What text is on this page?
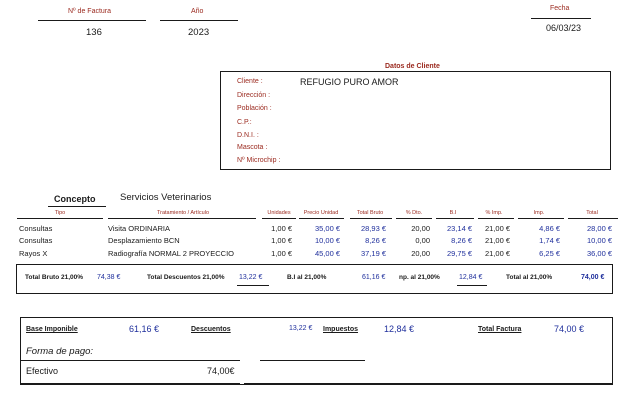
Nº de Factura
136
Año
2023
Fecha
06/03/23
Datos de Cliente
Cliente :	REFUGIO PURO AMOR
Dirección :
Población :
C.P.:
D.N.I. :
Mascota :
Nº Microchip :
Concepto	Servicios Veterinarios
Tipo	Tratamiento / Artículo	Unidades	Precio Unidad	Total Bruto	% Dto.	B.I	% Imp.	Imp.	Total
Consultas	Visita ORDINARIA	1,00 €	35,00 €	28,93 €	20,00	23,14 €	21,00 €	4,86 €	28,00 €
Consultas	Desplazamiento BCN	1,00 €	10,00 €	8,26 €	0,00	8,26 €	21,00 €	1,74 €	10,00 €
Rayos X	Radiografía NORMAL 2 PROYECCIO	1,00 €	45,00 €	37,19 €	20,00	29,75 €	21,00 €	6,25 €	36,00 €
Total Bruto 21,00% 74,38 €	Total Descuentos 21,00% 13,22 €	B.I al 21,00%	61,16 € np. al 21,00%	12,84 €	Total al 21,00%	74,00 €
Base Imponible	61,16 €	Descuentos	13,22 € Impuestos	12,84 €	Total Factura	74,00 €
Forma de pago:
Efectivo	74,00€
